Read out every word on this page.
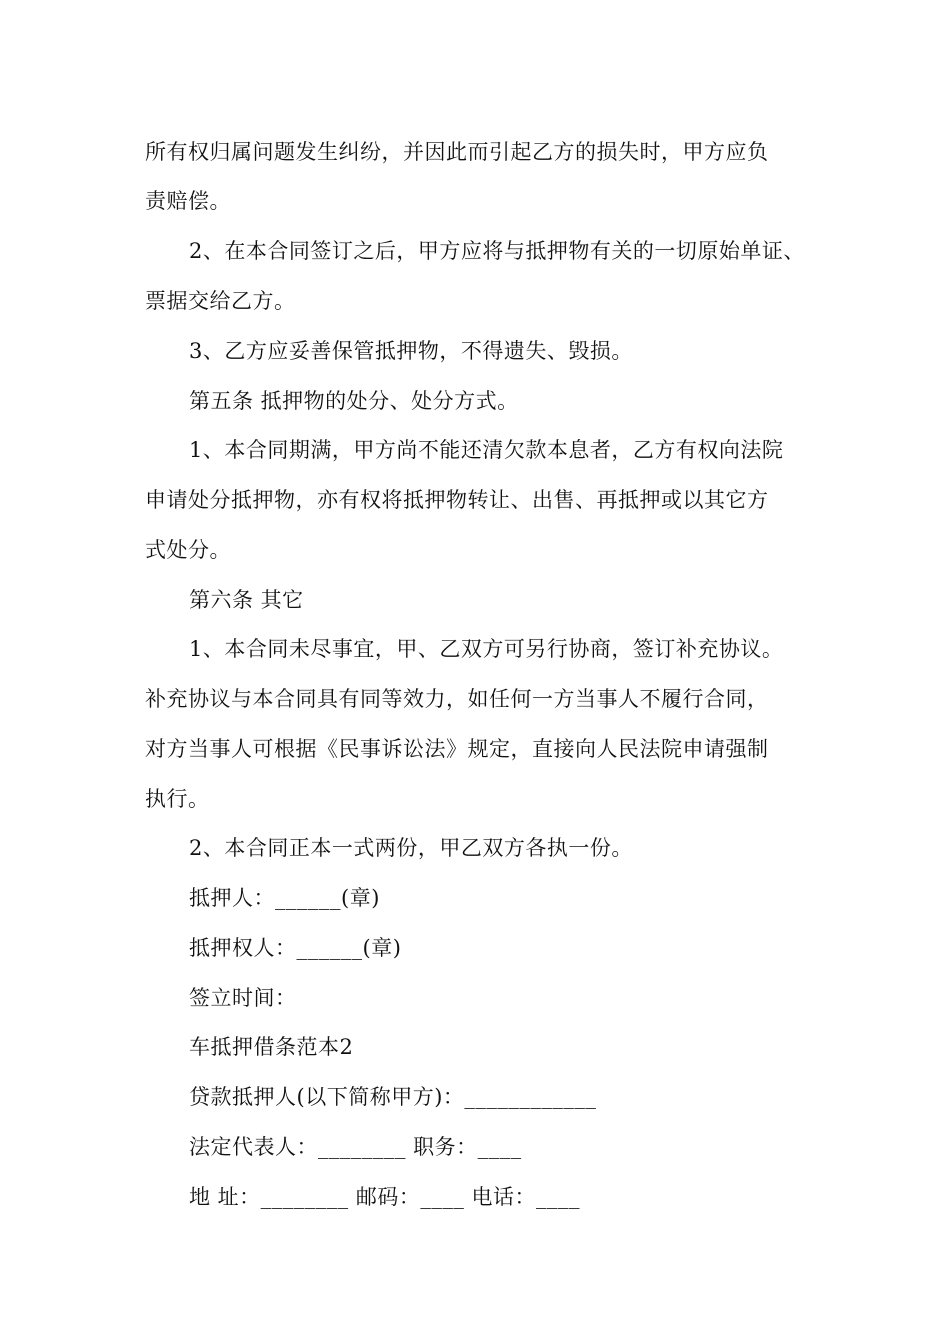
所有权归属问题发生纠纷，并因此而引起乙方的损失时，甲方应负
责赔偿。
2、在本合同签订之后，甲方应将与抵押物有关的一切原始单证、
票据交给乙方。
3、乙方应妥善保管抵押物，不得遗失、毁损。
第五条 抵押物的处分、处分方式。
1、本合同期满，甲方尚不能还清欠款本息者，乙方有权向法院
申请处分抵押物，亦有权将抵押物转让、出售、再抵押或以其它方
式处分。
第六条 其它
1、本合同未尽事宜，甲、乙双方可另行协商，签订补充协议。
补充协议与本合同具有同等效力，如任何一方当事人不履行合同，
对方当事人可根据《民事诉讼法》规定，直接向人民法院申请强制
执行。
2、本合同正本一式两份，甲乙双方各执一份。
抵押人：______(章)
抵押权人：______(章)
签立时间：
车抵押借条范本2
贷款抵押人(以下简称甲方)：____________
法定代表人：________ 职务：____
地 址：________ 邮码：____ 电话：____
